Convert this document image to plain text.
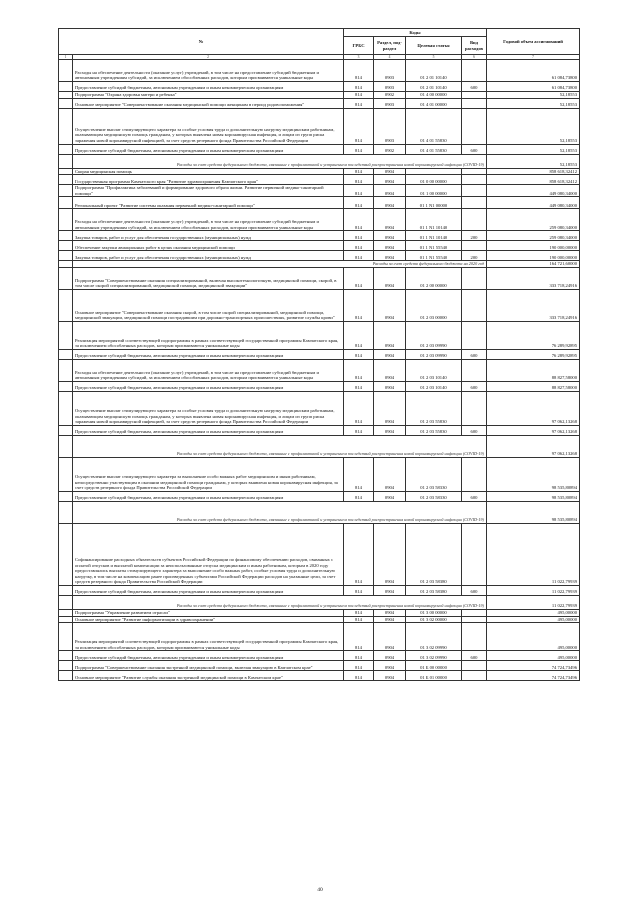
№		Коды				Годовой объем ассигнований
		ГРБС	Раздел, под-раздел	Целевая статья	Вид расходов	
1	2	3	4	5	6	7
	Расходы на обеспечение деятельности (оказание услуг) учреждений, в том числе на предоставление субсидий бюджетным и автономным учреждениям субсидий, за исключением обособленных расходов, которым присваиваются уникальные коды	814	0903	01 2 01 10140		61 084,73800
	Предоставление субсидий бюджетным, автономным учреждениям и иным некоммерческим организациям	814	0903	01 2 01 10140	600	61 084,73800
	Подпрограмма "Охрана здоровья матери и ребенка"	814	0902	01 4 00 00000		52,18553
	Основное мероприятие "Совершенствование оказания медицинской помощи женщинам в период родовспоможения"	814	0903	01 4 01 00000		52,18553
	Осуществление выплат стимулирующего характера за особые условия труда и дополнительную нагрузку медицинским работникам, оказывающим медицинскую помощь гражданам, у которых выявлена новая коронавирусная инфекция, и лицам из групп риска заражения новой коронавирусной инфекцией, за счет средств резервного фонда Правительства Российской Федерации	814	0903	01 4 01 55830		52,18553
	Предоставление субсидий бюджетным, автономным учреждениям и иным некоммерческим организациям	814	0902	01 4 01 55830	600	52,18553
	Расходы за счет средств федерального бюджета, связанные с профилактикой и устранением последствий распространения новой коронавирусной инфекции (COVID-19)					52,18553
	Скорая медицинская помощь	814	0904			858 618,32412
	Государственная программа Камчатского края "Развитие здравоохранения Камчатского края"	814	0904	01 0 00 00000		858 618,32412
	Подпрограмма "Профилактика заболеваний и формирование здорового образа жизни. Развитие первичной медико-санитарной помощи"	814	0904	01 1 00 00000		449 080,34000
	Региональный проект "Развитие системы оказания первичной медико-санитарной помощи"	814	0904	01 1 N1 00000		449 080,34000
	Расходы на обеспечение деятельности (оказание услуг) учреждений, в том числе на предоставление субсидий бюджетным и автономным учреждениям субсидий, за исключением обособленных расходов, которым присваиваются уникальные коды	814	0904	01 1 N1 10140		259 080,34000
	Закупка товаров, работ и услуг для обеспечения государственных (муниципальных) нужд	814	0904	01 1 N1 10140	200	259 080,34000
	Обеспечение закупки авиационных работ в целях оказания медицинской помощи	814	0904	01 1 N1 55540		190 000,00000
	Закупка товаров, работ и услуг для обеспечения государственных (муниципальных) нужд	814	0904	01 1 N1 55540	200	190 000,00000
	Расходы за счет средств федерального бюджета на 2020 год					164 721,60000
	Подпрограмма "Совершенствование оказания специализированной, включая высокотехнологичную, медицинской помощи, скорой, в том числе скорой специализированной, медицинской помощи, медицинской эвакуации"	814	0904	01 2 00 00000		333 718,24916
	Основное мероприятие "Совершенствование оказания скорой, в том числе скорой специализированной, медицинской помощи, медицинской эвакуации, медицинской помощи пострадавшим при дорожно-транспортных происшествиях, развитие службы крови"	814	0904	01 2 03 00000		333 718,24916
	Реализация мероприятий соответствующей подпрограммы в рамках соответствующей государственной программы Камчатского края, за исключением обособленных расходов, которым присваиваются уникальные коды	814	0904	01 2 03 09990		76 289,92895
	Предоставление субсидий бюджетным, автономным учреждениям и иным некоммерческим организациям	814	0904	01 2 03 09990	600	76 289,92895
	Расходы на обеспечение деятельности (оказание услуг) учреждений, в том числе на предоставление субсидий бюджетным и автономным учреждениям субсидий, за исключением обособленных расходов, которым присваиваются уникальные коды	814	0904	01 2 03 10140		88 827,58000
	Предоставление субсидий бюджетным, автономным учреждениям и иным некоммерческим организациям	814	0904	01 2 03 10140	600	88 827,58000
	Осуществление выплат стимулирующего характера за особые условия труда и дополнительную нагрузку медицинским работникам, оказывающим медицинскую помощь гражданам, у которых выявлена новая коронавирусная инфекция, и лицам из групп риска заражения новой коронавирусной инфекцией, за счет средств резервного фонда Правительства Российской Федерации	814	0904	01 2 03 55830		97 062,13268
	Предоставление субсидий бюджетным, автономным учреждениям и иным некоммерческим организациям	814	0904	01 2 03 55830	600	97 062,13268
	Расходы за счет средств федерального бюджета, связанные с профилактикой и устранением последствий распространения новой коронавирусной инфекции (COVID-19)					97 062,13268
	Осуществление выплат стимулирующего характера за выполнение особо важных работ медицинским и иным работникам, непосредственно участвующим в оказании медицинской помощи гражданам, у которых выявлена новая коронавирусная инфекция, за счет средств резервного фонда Правительства Российской Федерации	814	0904	01 2 03 58330		98 535,80894
	Предоставление субсидий бюджетным, автономным учреждениям и иным некоммерческим организациям	814	0904	01 2 03 58330	600	98 535,80894
	Расходы за счет средств федерального бюджета, связанные с профилактикой и устранением последствий распространения новой коронавирусной инфекции (COVID-19)					98 535,80894
	Софинансирование расходных обязательств субъектов Российской Федерации по финансовому обеспечению расходов, связанных с оплатой отпусков и выплатой компенсации за неиспользованные отпуска медицинским и иным работникам, которым в 2020 году предоставлялись выплаты стимулирующего характера за выполнение особо важных работ, особые условия труда и дополнительную нагрузку, в том числе на компенсацию ранее произведенных субъектами Российской Федерации расходов на указанные цели, за счет средств резервного фонда Правительства Российской Федерации	814	0904	01 2 03 58380		11 022,79939
	Предоставление субсидий бюджетным, автономным учреждениям и иным некоммерческим организациям	814	0904	01 2 03 58380	600	11 022,79939
	Расходы за счет средств федерального бюджета, связанные с профилактикой и устранением последствий распространения новой коронавирусной инфекции (COVID-19)					11 022,79939
	Подпрограмма "Управление развитием отрасли"	814	0904	01 3 00 00000		495,00000
	Основное мероприятие "Развитие информатизации в здравоохранении"	814	0904	01 3 02 00000		495,00000
	Реализация мероприятий соответствующей подпрограммы в рамках соответствующей государственной программы Камчатского края, за исключением обособленных расходов, которым присваиваются уникальные коды	814	0904	01 3 02 09990		495,00000
	Предоставление субсидий бюджетным, автономным учреждениям и иным некоммерческим организациям	814	0904	01 3 02 09990	600	495,00000
	Подпрограмма "Совершенствование оказания экстренной медицинской помощи, включая эвакуацию в Камчатском крае"	814	0904	01 Б 00 00000		74 724,73496
	Основное мероприятие "Развитие службы оказания экстренной медицинской помощи в Камчатском крае"	814	0904	01 Б 01 00000		74 724,73496
40
